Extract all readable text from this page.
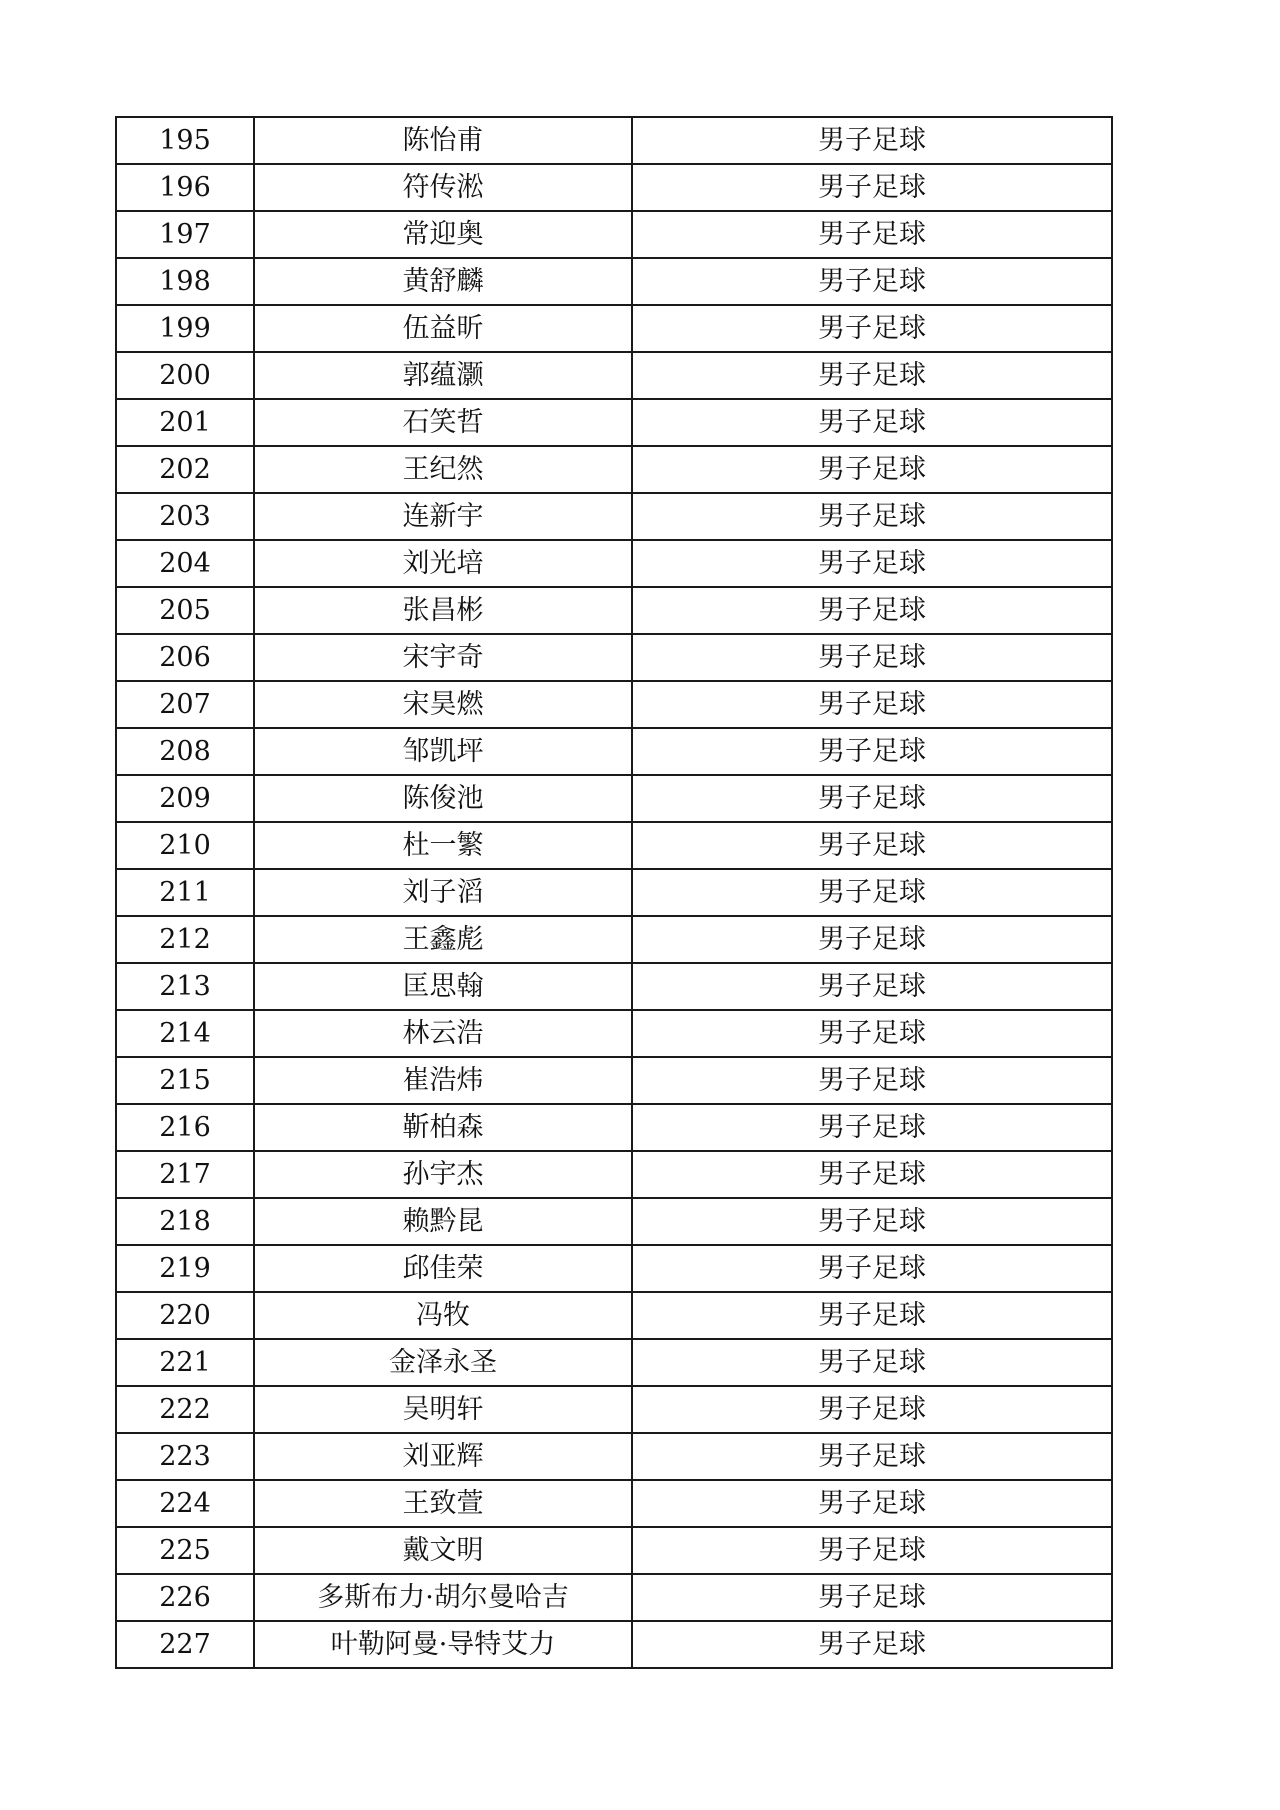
195	陈怡甫	男子足球
196	符传淞	男子足球
197	常迎奥	男子足球
198	黄舒麟	男子足球
199	伍益昕	男子足球
200	郭蕴灏	男子足球
201	石笑哲	男子足球
202	王纪然	男子足球
203	连新宇	男子足球
204	刘光培	男子足球
205	张昌彬	男子足球
206	宋宇奇	男子足球
207	宋昊燃	男子足球
208	邹凯坪	男子足球
209	陈俊池	男子足球
210	杜一繁	男子足球
211	刘子滔	男子足球
212	王鑫彪	男子足球
213	匡思翰	男子足球
214	林云浩	男子足球
215	崔浩炜	男子足球
216	靳柏森	男子足球
217	孙宇杰	男子足球
218	赖黔昆	男子足球
219	邱佳荣	男子足球
220	冯牧	男子足球
221	金泽永圣	男子足球
222	吴明轩	男子足球
223	刘亚辉	男子足球
224	王致萱	男子足球
225	戴文明	男子足球
226	多斯布力·胡尔曼哈吉	男子足球
227	叶勒阿曼·导特艾力	男子足球
